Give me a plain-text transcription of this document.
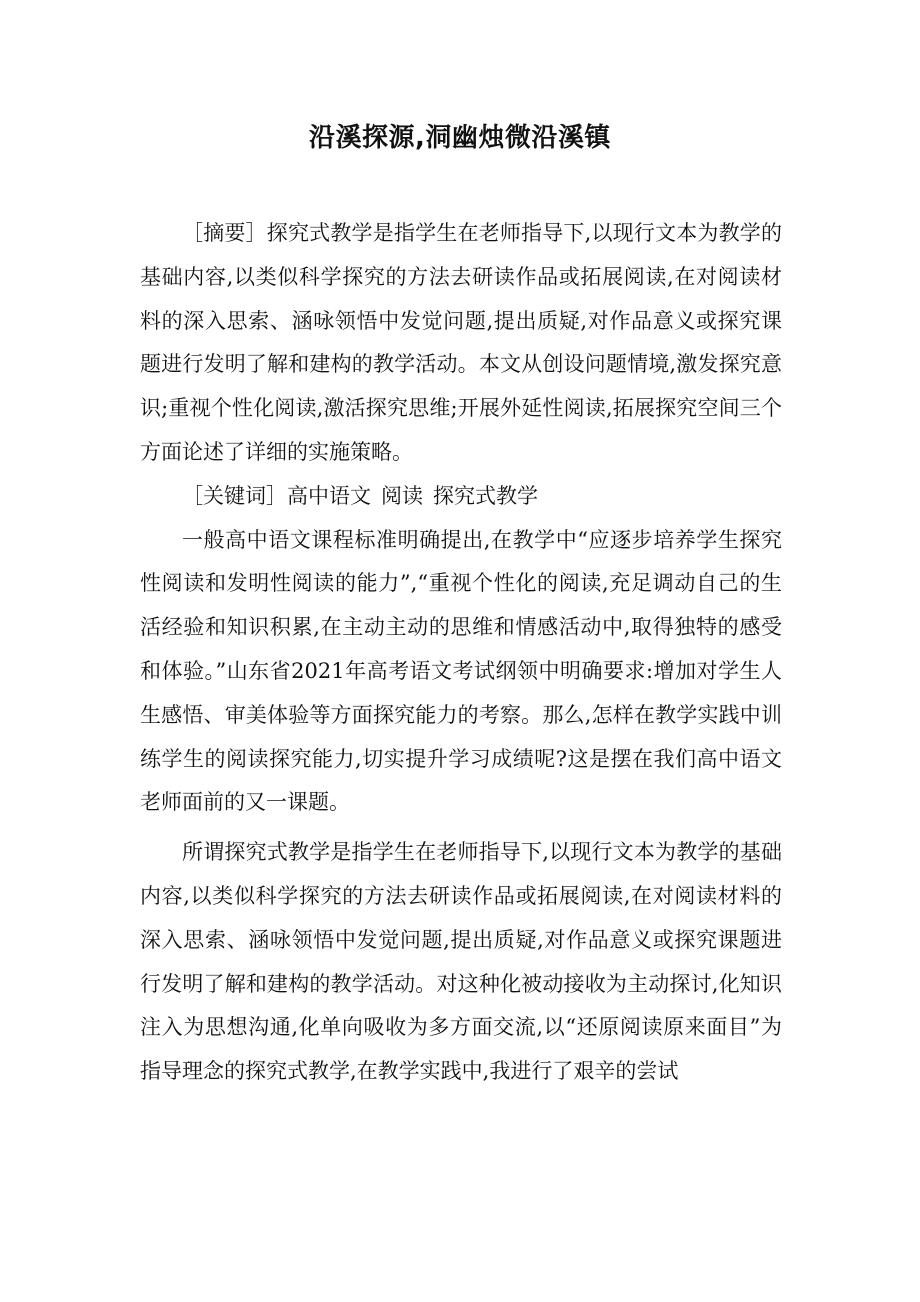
沿溪探源,洞幽烛微沿溪镇

［摘要］探究式教学是指学生在老师指导下,以现行文本为教学的基础内容,以类似科学探究的方法去研读作品或拓展阅读,在对阅读材料的深入思索、涵咏领悟中发觉问题,提出质疑,对作品意义或探究课题进行发明了解和建构的教学活动。本文从创设问题情境,激发探究意识;重视个性化阅读,激活探究思维;开展外延性阅读,拓展探究空间三个方面论述了详细的实施策略。

［关键词］高中语文 阅读 探究式教学

一般高中语文课程标准明确提出,在教学中“应逐步培养学生探究性阅读和发明性阅读的能力”,“重视个性化的阅读,充足调动自己的生活经验和知识积累,在主动主动的思维和情感活动中,取得独特的感受和体验。”山东省2021年高考语文考试纲领中明确要求:增加对学生人生感悟、审美体验等方面探究能力的考察。那么,怎样在教学实践中训练学生的阅读探究能力,切实提升学习成绩呢?这是摆在我们高中语文老师面前的又一课题。

所谓探究式教学是指学生在老师指导下,以现行文本为教学的基础内容,以类似科学探究的方法去研读作品或拓展阅读,在对阅读材料的深入思索、涵咏领悟中发觉问题,提出质疑,对作品意义或探究课题进行发明了解和建构的教学活动。对这种化被动接收为主动探讨,化知识注入为思想沟通,化单向吸收为多方面交流,以“还原阅读原来面目”为指导理念的探究式教学,在教学实践中,我进行了艰辛的尝试
